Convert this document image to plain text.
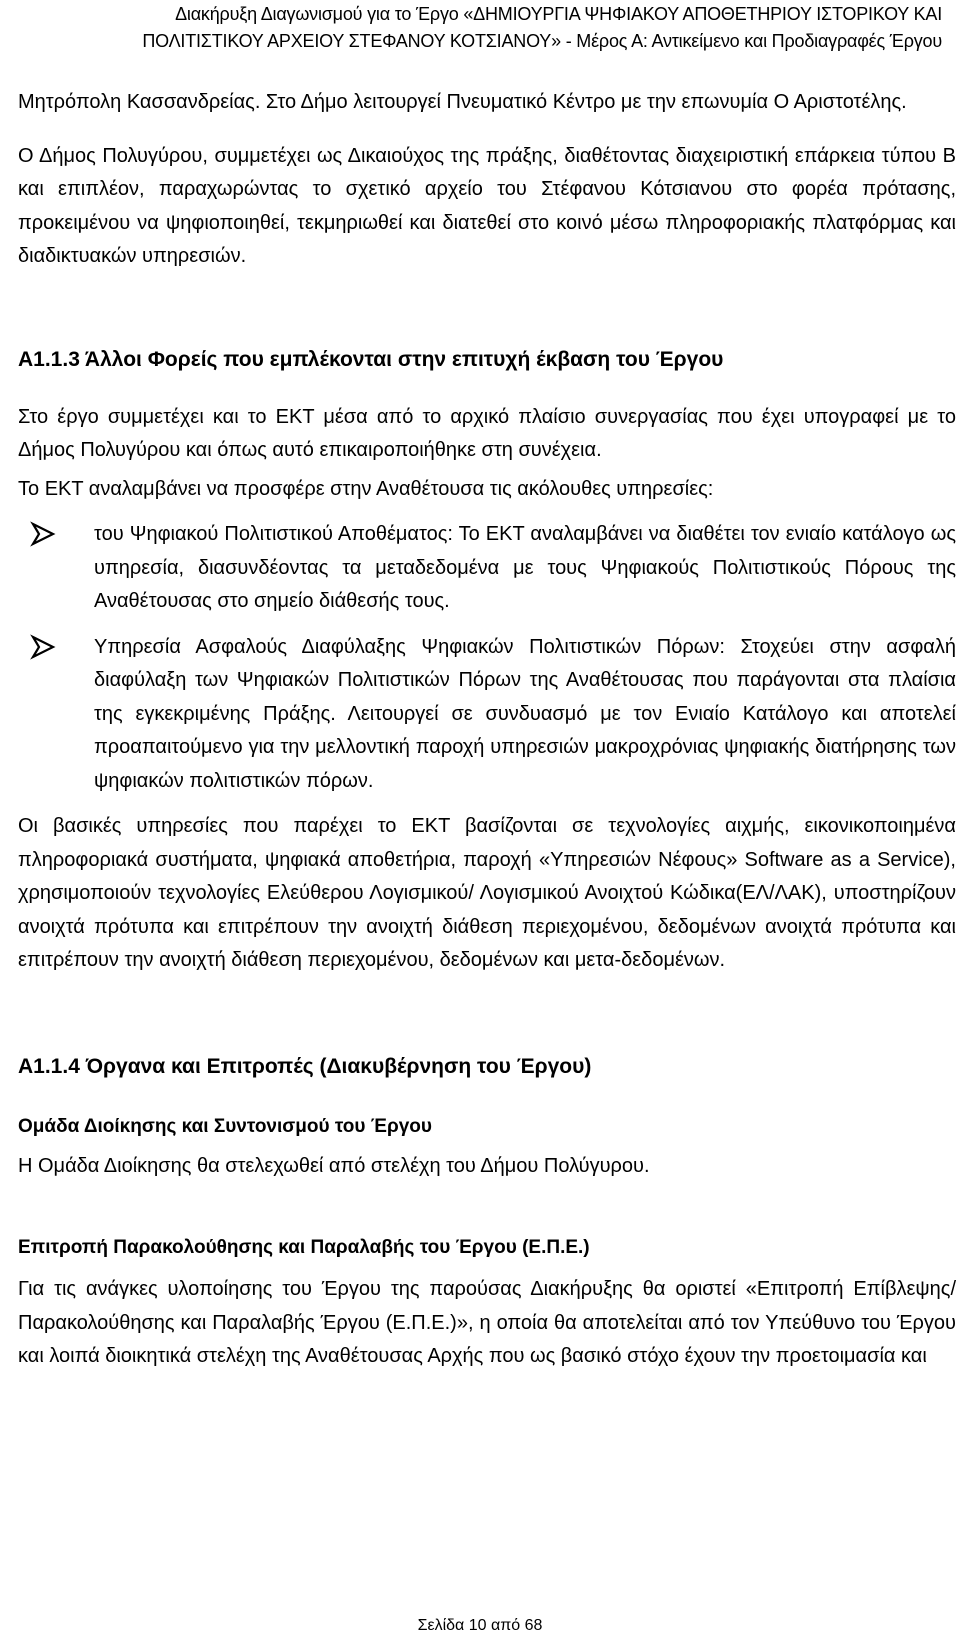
Διακήρυξη Διαγωνισμού για το Έργο «ΔΗΜΙΟΥΡΓΙΑ ΨΗΦΙΑΚΟΥ ΑΠΟΘΕΤΗΡΙΟΥ ΙΣΤΟΡΙΚΟΥ ΚΑΙ
ΠΟΛΙΤΙΣΤΙΚΟΥ ΑΡΧΕΙΟΥ ΣΤΕΦΑΝΟΥ ΚΟΤΣΙΑΝΟΥ» - Μέρος Α: Αντικείμενο και Προδιαγραφές Έργου

Μητρόπολη Κασσανδρείας. Στο Δήμο λειτουργεί Πνευματικό Κέντρο με την επωνυμία Ο Αριστοτέλης.

Ο Δήμος Πολυγύρου, συμμετέχει ως Δικαιούχος της πράξης, διαθέτοντας διαχειριστική επάρκεια τύπου Β και επιπλέον, παραχωρώντας το σχετικό αρχείο του Στέφανου Κότσιανου στο φορέα πρότασης, προκειμένου να ψηφιοποιηθεί, τεκμηριωθεί και διατεθεί στο κοινό μέσω πληροφοριακής πλατφόρμας και διαδικτυακών υπηρεσιών.

Α1.1.3 Άλλοι Φορείς που εμπλέκονται στην επιτυχή έκβαση του Έργου

Στο έργο συμμετέχει και το ΕΚΤ μέσα από το αρχικό πλαίσιο συνεργασίας που έχει υπογραφεί με το Δήμος Πολυγύρου και όπως αυτό επικαιροποιήθηκε στη συνέχεια.

Το ΕΚΤ αναλαμβάνει να προσφέρε στην Αναθέτουσα τις ακόλουθες υπηρεσίες:

του Ψηφιακού Πολιτιστικού Αποθέματος: Το ΕΚΤ αναλαμβάνει να διαθέτει τον ενιαίο κατάλογο ως υπηρεσία, διασυνδέοντας τα μεταδεδομένα με τους Ψηφιακούς Πολιτιστικούς Πόρους της Αναθέτουσας στο σημείο διάθεσής τους.

Υπηρεσία Ασφαλούς Διαφύλαξης Ψηφιακών Πολιτιστικών Πόρων: Στοχεύει στην ασφαλή διαφύλαξη των Ψηφιακών Πολιτιστικών Πόρων της Αναθέτουσας που παράγονται στα πλαίσια της εγκεκριμένης Πράξης. Λειτουργεί σε συνδυασμό με τον Ενιαίο Κατάλογο και αποτελεί προαπαιτούμενο για την μελλοντική παροχή υπηρεσιών μακροχρόνιας ψηφιακής διατήρησης των ψηφιακών πολιτιστικών πόρων.

Οι βασικές υπηρεσίες που παρέχει το ΕΚΤ βασίζονται σε τεχνολογίες αιχμής, εικονικοποιημένα πληροφοριακά συστήματα, ψηφιακά αποθετήρια, παροχή «Υπηρεσιών Νέφους» Software as a Service), χρησιμοποιούν τεχνολογίες Ελεύθερου Λογισμικού/ Λογισμικού Ανοιχτού Κώδικα(ΕΛ/ΛΑΚ), υποστηρίζουν ανοιχτά πρότυπα και επιτρέπουν την ανοιχτή διάθεση περιεχομένου, δεδομένων ανοιχτά πρότυπα και επιτρέπουν την ανοιχτή διάθεση περιεχομένου, δεδομένων και μετα-δεδομένων.

Α1.1.4 Όργανα και Επιτροπές (Διακυβέρνηση του Έργου)
Ομάδα Διοίκησης και Συντονισμού του Έργου

Η Ομάδα Διοίκησης θα στελεχωθεί από στελέχη του Δήμου Πολύγυρου.

Επιτροπή Παρακολούθησης και Παραλαβής του Έργου (Ε.Π.Ε.)

Για τις ανάγκες υλοποίησης του Έργου της παρούσας Διακήρυξης θα οριστεί «Επιτροπή Επίβλεψης/Παρακολούθησης και Παραλαβής Έργου (Ε.Π.Ε.)», η οποία θα αποτελείται από τον Υπεύθυνο του Έργου και λοιπά διοικητικά στελέχη της Αναθέτουσας Αρχής που ως βασικό στόχο έχουν την προετοιμασία και

Σελίδα 10 από 68
